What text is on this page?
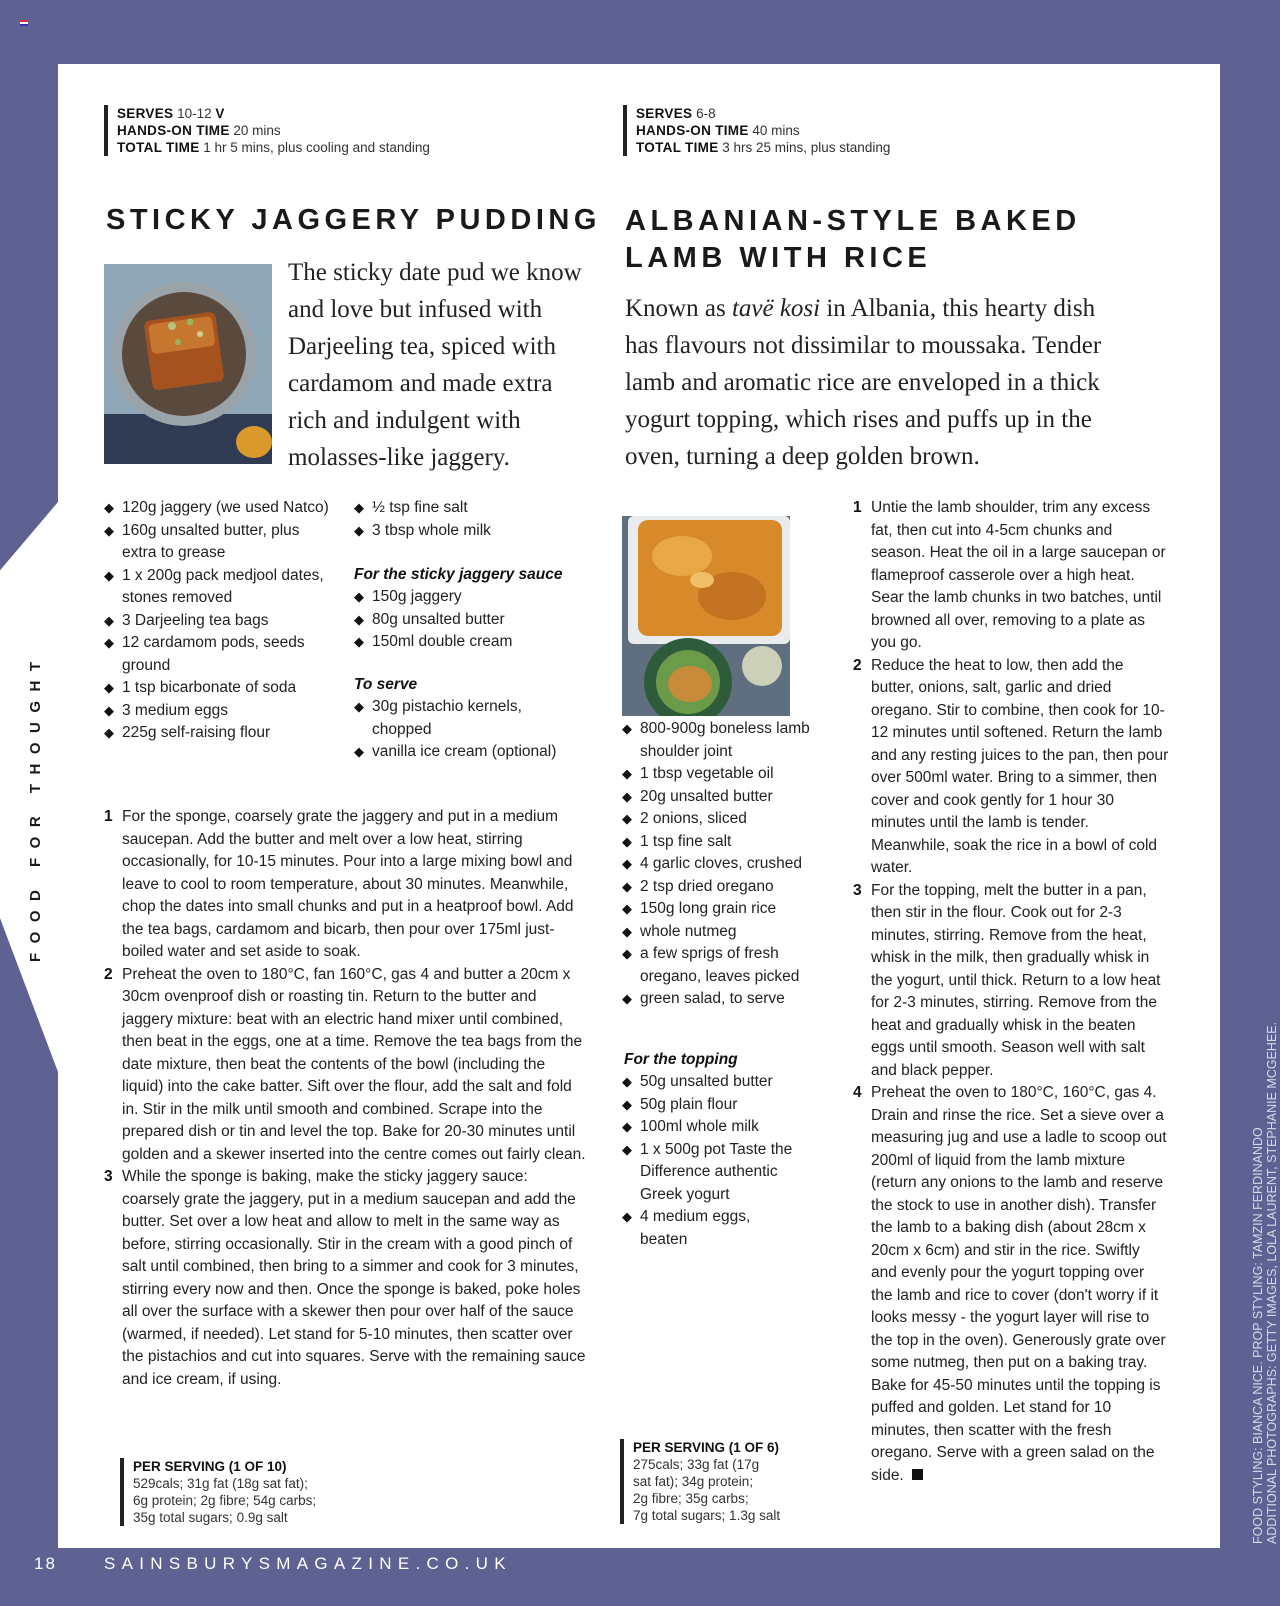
FOOD FOR THOUGHT
FOOD STYLING: BIANCA NICE. PROP STYLING: TAMZIN FERDINANDO ADDITIONAL PHOTOGRAPHS: GETTY IMAGES, LOLA LAURENT, STEPHANIE MCGEHEE.
18	SAINSBURYSMAGAZINE.CO.UK
SERVES 10-12 V
HANDS-ON TIME 20 mins
TOTAL TIME 1 hr 5 mins, plus cooling and standing
STICKY JAGGERY PUDDING

The sticky date pud we know and love but infused with Darjeeling tea, spiced with cardamom and made extra rich and indulgent with molasses-like jaggery.

◆ 120g jaggery (we used Natco)
◆ 160g unsalted butter, plus extra to grease
◆ 1 x 200g pack medjool dates, stones removed
◆ 3 Darjeeling tea bags
◆ 12 cardamom pods, seeds ground
◆ 1 tsp bicarbonate of soda
◆ 3 medium eggs
◆ 225g self-raising flour
◆ ½ tsp fine salt
◆ 3 tbsp whole milk

For the sticky jaggery sauce

◆ 150g jaggery
◆ 80g unsalted butter
◆ 150ml double cream

To serve

◆ 30g pistachio kernels, chopped
◆ vanilla ice cream (optional)
1 For the sponge, coarsely grate the jaggery and put in a medium saucepan. Add the butter and melt over a low heat, stirring occasionally, for 10-15 minutes. Pour into a large mixing bowl and leave to cool to room temperature, about 30 minutes. Meanwhile, chop the dates into small chunks and put in a heatproof bowl. Add the tea bags, cardamom and bicarb, then pour over 175ml just-boiled water and set aside to soak.
2 Preheat the oven to 180°C, fan 160°C, gas 4 and butter a 20cm x 30cm ovenproof dish or roasting tin. Return to the butter and jaggery mixture: beat with an electric hand mixer until combined, then beat in the eggs, one at a time. Remove the tea bags from the date mixture, then beat the contents of the bowl (including the liquid) into the cake batter. Sift over the flour, add the salt and fold in. Stir in the milk until smooth and combined. Scrape into the prepared dish or tin and level the top. Bake for 20-30 minutes until golden and a skewer inserted into the centre comes out fairly clean.
3 While the sponge is baking, make the sticky jaggery sauce: coarsely grate the jaggery, put in a medium saucepan and add the butter. Set over a low heat and allow to melt in the same way as before, stirring occasionally. Stir in the cream with a good pinch of salt until combined, then bring to a simmer and cook for 3 minutes, stirring every now and then. Once the sponge is baked, poke holes all over the surface with a skewer then pour over half of the sauce (warmed, if needed). Let stand for 5-10 minutes, then scatter over the pistachios and cut into squares. Serve with the remaining sauce and ice cream, if using.
PER SERVING (1 OF 10)
529cals; 31g fat (18g sat fat);
6g protein; 2g fibre; 54g carbs;
35g total sugars; 0.9g salt
SERVES 6-8
HANDS-ON TIME 40 mins
TOTAL TIME 3 hrs 25 mins, plus standing
ALBANIAN-STYLE BAKED
LAMB WITH RICE

Known as tavë kosi in Albania, this hearty dish has flavours not dissimilar to moussaka. Tender lamb and aromatic rice are enveloped in a thick yogurt topping, which rises and puffs up in the oven, turning a deep golden brown.

◆ 800-900g boneless lamb shoulder joint
◆ 1 tbsp vegetable oil
◆ 20g unsalted butter
◆ 2 onions, sliced
◆ 1 tsp fine salt
◆ 4 garlic cloves, crushed
◆ 2 tsp dried oregano
◆ 150g long grain rice
◆ whole nutmeg
◆ a few sprigs of fresh oregano, leaves picked
◆ green salad, to serve

For the topping

◆ 50g unsalted butter
◆ 50g plain flour
◆ 100ml whole milk
◆ 1 x 500g pot Taste the Difference authentic Greek yogurt
◆ 4 medium eggs, beaten
PER SERVING (1 OF 6)
275cals; 33g fat (17g
sat fat); 34g protein;
2g fibre; 35g carbs;
7g total sugars; 1.3g salt
1 Untie the lamb shoulder, trim any excess fat, then cut into 4-5cm chunks and season. Heat the oil in a large saucepan or flameproof casserole over a high heat. Sear the lamb chunks in two batches, until browned all over, removing to a plate as you go.
2 Reduce the heat to low, then add the butter, onions, salt, garlic and dried oregano. Stir to combine, then cook for 10-12 minutes until softened. Return the lamb and any resting juices to the pan, then pour over 500ml water. Bring to a simmer, then cover and cook gently for 1 hour 30 minutes until the lamb is tender. Meanwhile, soak the rice in a bowl of cold water.
3 For the topping, melt the butter in a pan, then stir in the flour. Cook out for 2-3 minutes, stirring. Remove from the heat, whisk in the milk, then gradually whisk in the yogurt, until thick. Return to a low heat for 2-3 minutes, stirring. Remove from the heat and gradually whisk in the beaten eggs until smooth. Season well with salt and black pepper.
4 Preheat the oven to 180°C, 160°C, gas 4. Drain and rinse the rice. Set a sieve over a measuring jug and use a ladle to scoop out 200ml of liquid from the lamb mixture (return any onions to the lamb and reserve the stock to use in another dish). Transfer the lamb to a baking dish (about 28cm x 20cm x 6cm) and stir in the rice. Swiftly and evenly pour the yogurt topping over the lamb and rice to cover (don't worry if it looks messy - the yogurt layer will rise to the top in the oven). Generously grate over some nutmeg, then put on a baking tray. Bake for 45-50 minutes until the topping is puffed and golden. Let stand for 10 minutes, then scatter with the fresh oregano. Serve with a green salad on the side.
